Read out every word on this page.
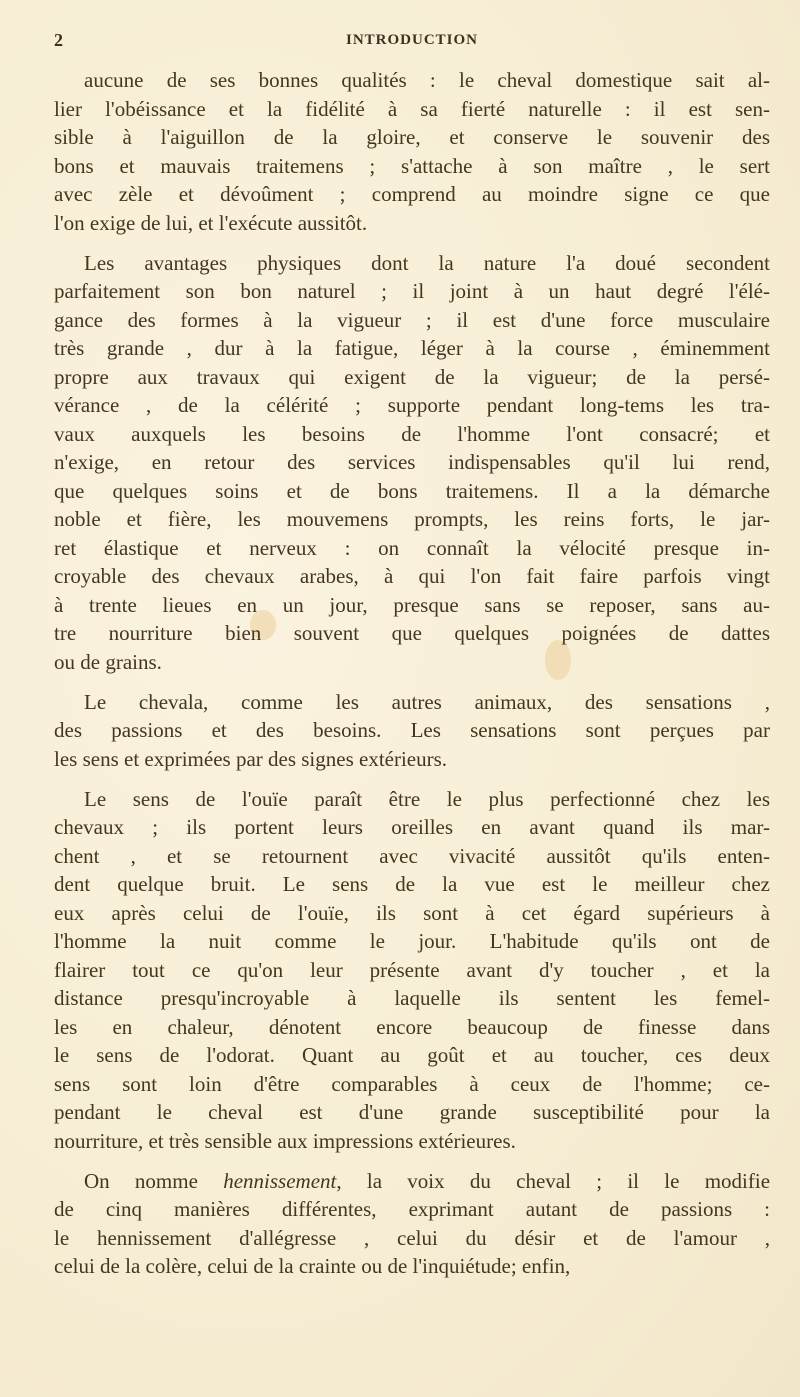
2	INTRODUCTION
aucune de ses bonnes qualités : le cheval domestique sait al-
lier l'obéissance et la fidélité à sa fierté naturelle : il est sen-
sible à l'aiguillon de la gloire, et conserve le souvenir des
bons et mauvais traitemens ; s'attache à son maître , le sert
avec zèle et dévoûment ; comprend au moindre signe ce que
l'on exige de lui, et l'exécute aussitôt.
Les avantages physiques dont la nature l'a doué secondent
parfaitement son bon naturel ; il joint à un haut degré l'élé-
gance des formes à la vigueur ; il est d'une force musculaire
très grande , dur à la fatigue, léger à la course , éminemment
propre aux travaux qui exigent de la vigueur; de la persé-
vérance , de la célérité ; supporte pendant long-tems les tra-
vaux auxquels les besoins de l'homme l'ont consacré; et
n'exige, en retour des services indispensables qu'il lui rend,
que quelques soins et de bons traitemens. Il a la démarche
noble et fière, les mouvemens prompts, les reins forts, le jar-
ret élastique et nerveux : on connaît la vélocité presque in-
croyable des chevaux arabes, à qui l'on fait faire parfois vingt
à trente lieues en un jour, presque sans se reposer, sans au-
tre nourriture bien souvent que quelques poignées de dattes
ou de grains.
Le chevala, comme les autres animaux, des sensations ,
des passions et des besoins. Les sensations sont perçues par
les sens et exprimées par des signes extérieurs.
Le sens de l'ouïe paraît être le plus perfectionné chez les
chevaux ; ils portent leurs oreilles en avant quand ils mar-
chent , et se retournent avec vivacité aussitôt qu'ils enten-
dent quelque bruit. Le sens de la vue est le meilleur chez
eux après celui de l'ouïe, ils sont à cet égard supérieurs à
l'homme la nuit comme le jour. L'habitude qu'ils ont de
flairer tout ce qu'on leur présente avant d'y toucher , et la
distance presqu'incroyable à laquelle ils sentent les femel-
les en chaleur, dénotent encore beaucoup de finesse dans
le sens de l'odorat. Quant au goût et au toucher, ces deux
sens sont loin d'être comparables à ceux de l'homme; ce-
pendant le cheval est d'une grande susceptibilité pour la
nourriture, et très sensible aux impressions extérieures.
On nomme hennissement, la voix du cheval ; il le modifie
de cinq manières différentes, exprimant autant de passions :
le hennissement d'allégresse , celui du désir et de l'amour ,
celui de la colère, celui de la crainte ou de l'inquiétude; enfin,
